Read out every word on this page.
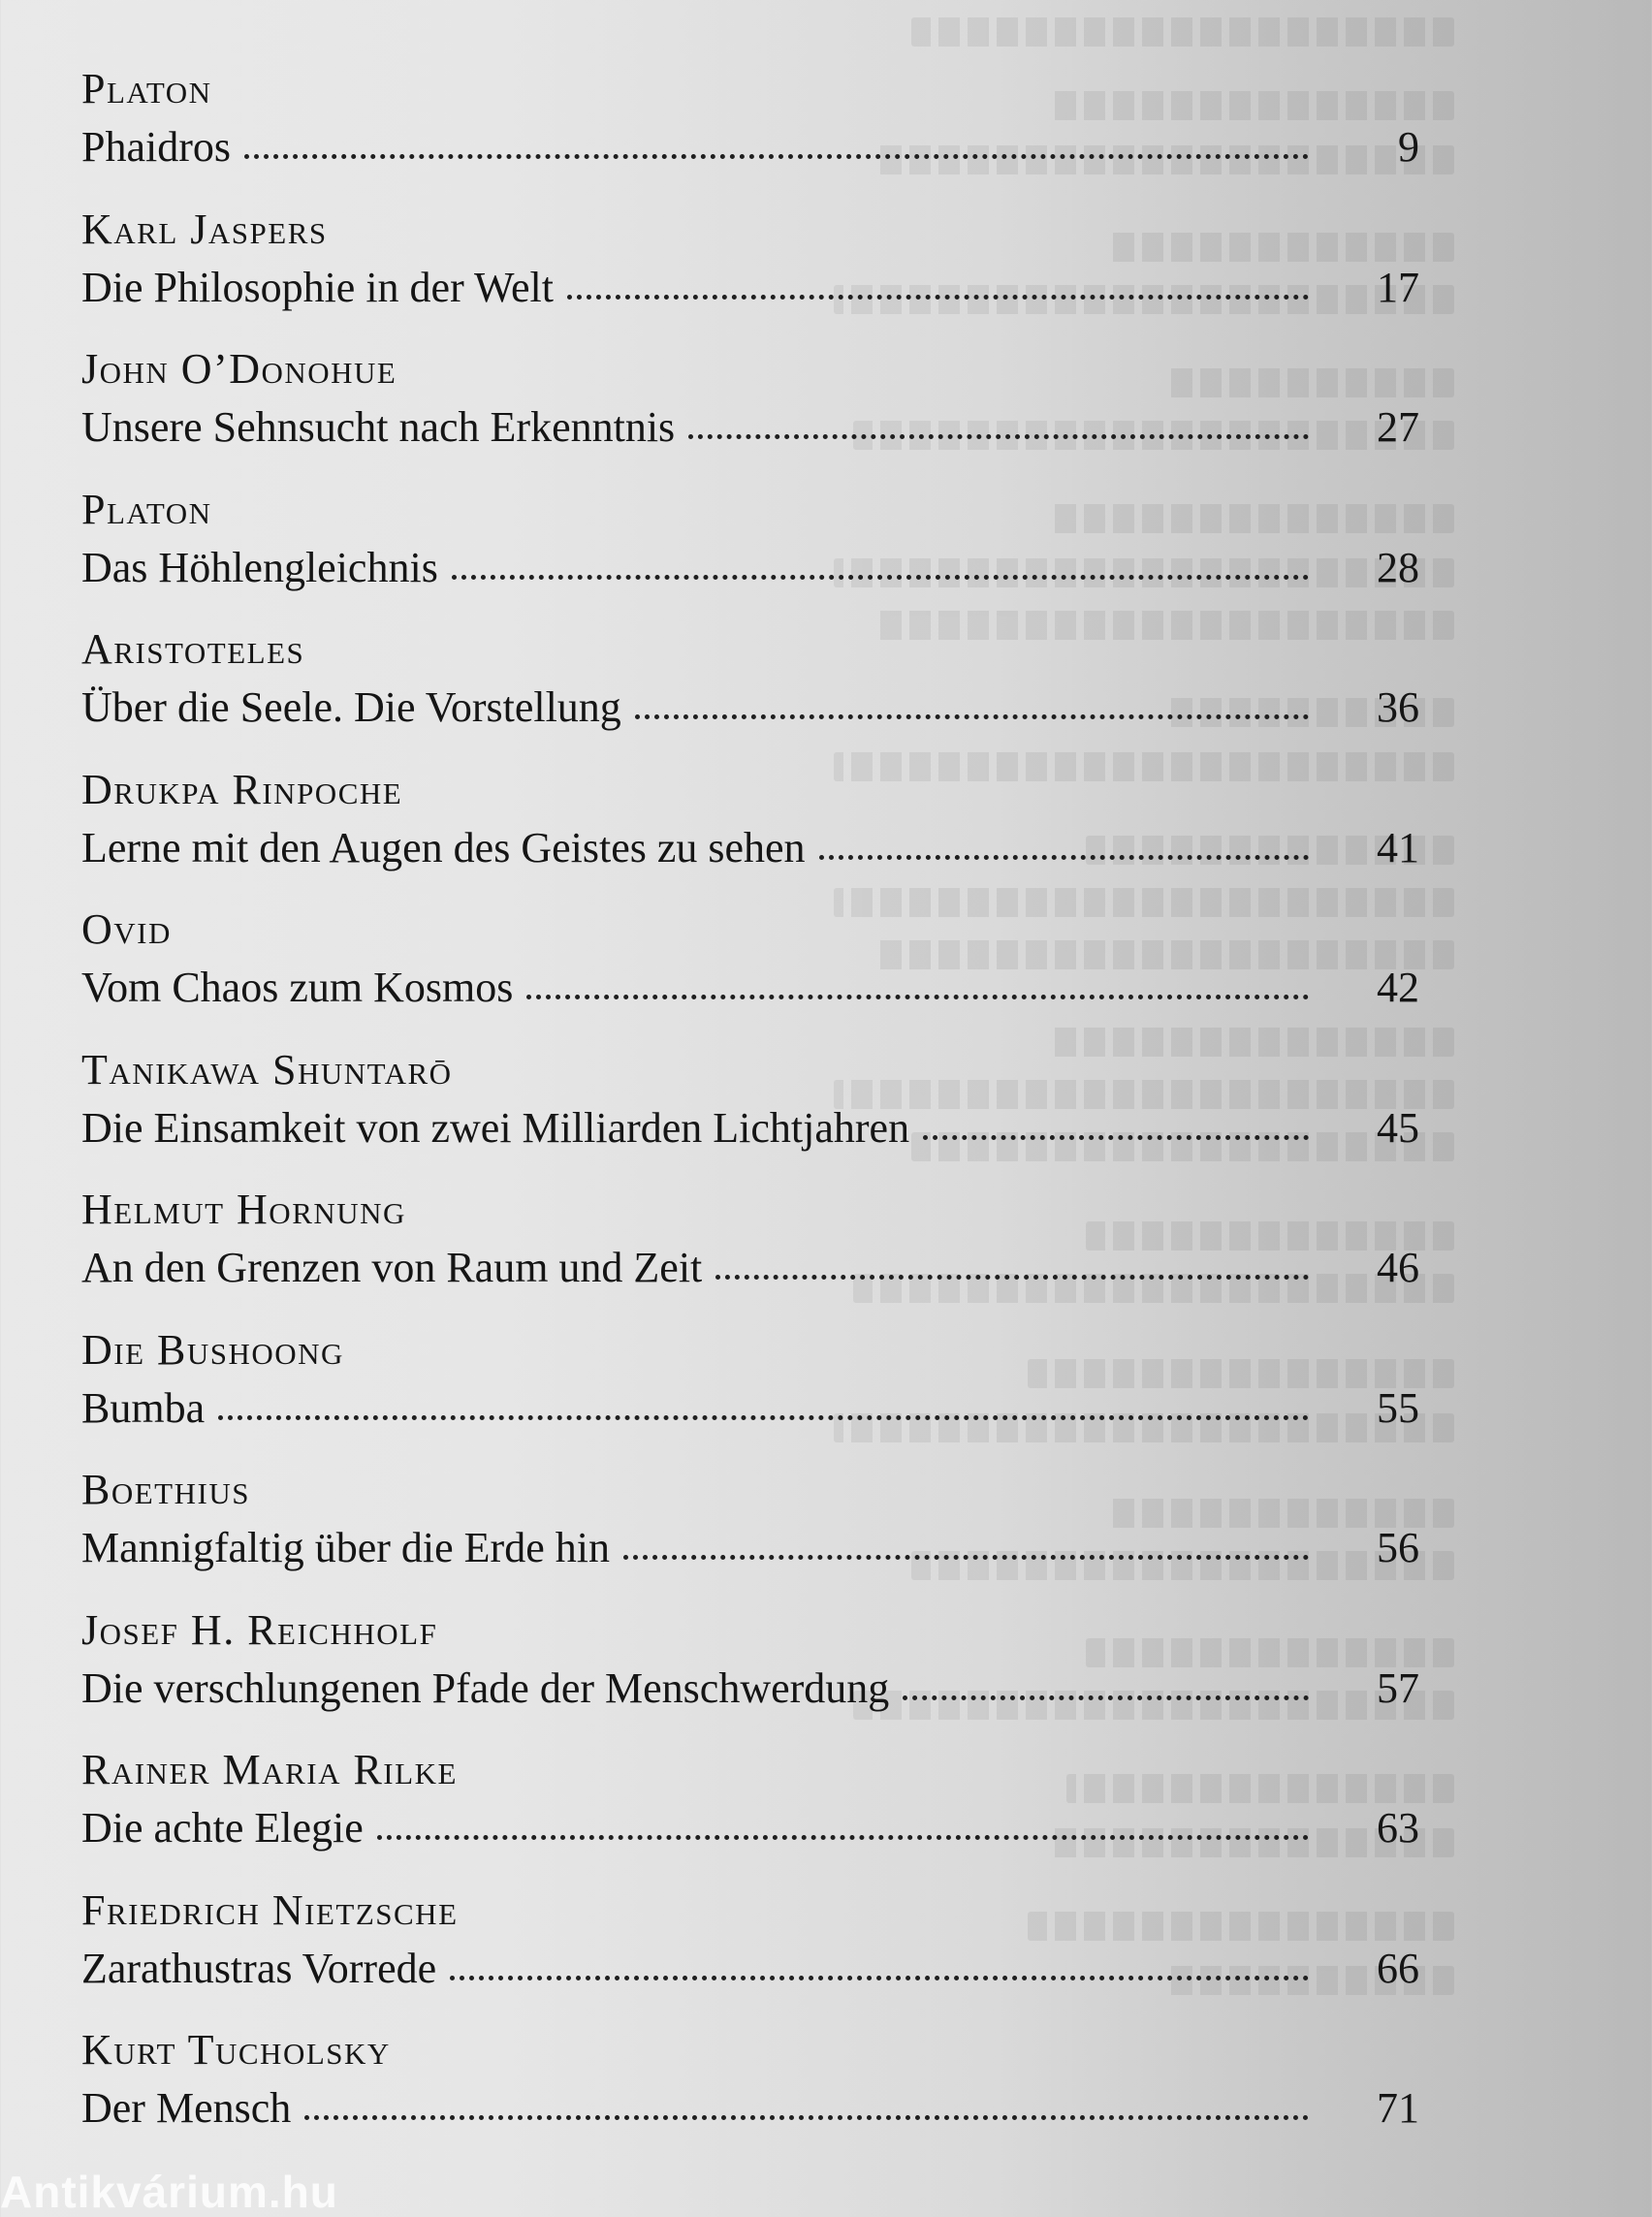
Platon
Phaidros	9
Karl Jaspers
Die Philosophie in der Welt	17
John O’Donohue
Unsere Sehnsucht nach Erkenntnis	27
Platon
Das Höhlengleichnis	28
Aristoteles
Über die Seele. Die Vorstellung	36
Drukpa Rinpoche
Lerne mit den Augen des Geistes zu sehen	41
Ovid
Vom Chaos zum Kosmos	42
Tanikawa Shuntarō
Die Einsamkeit von zwei Milliarden Lichtjahren	45
Helmut Hornung
An den Grenzen von Raum und Zeit	46
Die Bushoong
Bumba	55
Boethius
Mannigfaltig über die Erde hin	56
Josef H. Reichholf
Die verschlungenen Pfade der Menschwerdung	57
Rainer Maria Rilke
Die achte Elegie	63
Friedrich Nietzsche
Zarathustras Vorrede	66
Kurt Tucholsky
Der Mensch	71
Antikvárium.hu
